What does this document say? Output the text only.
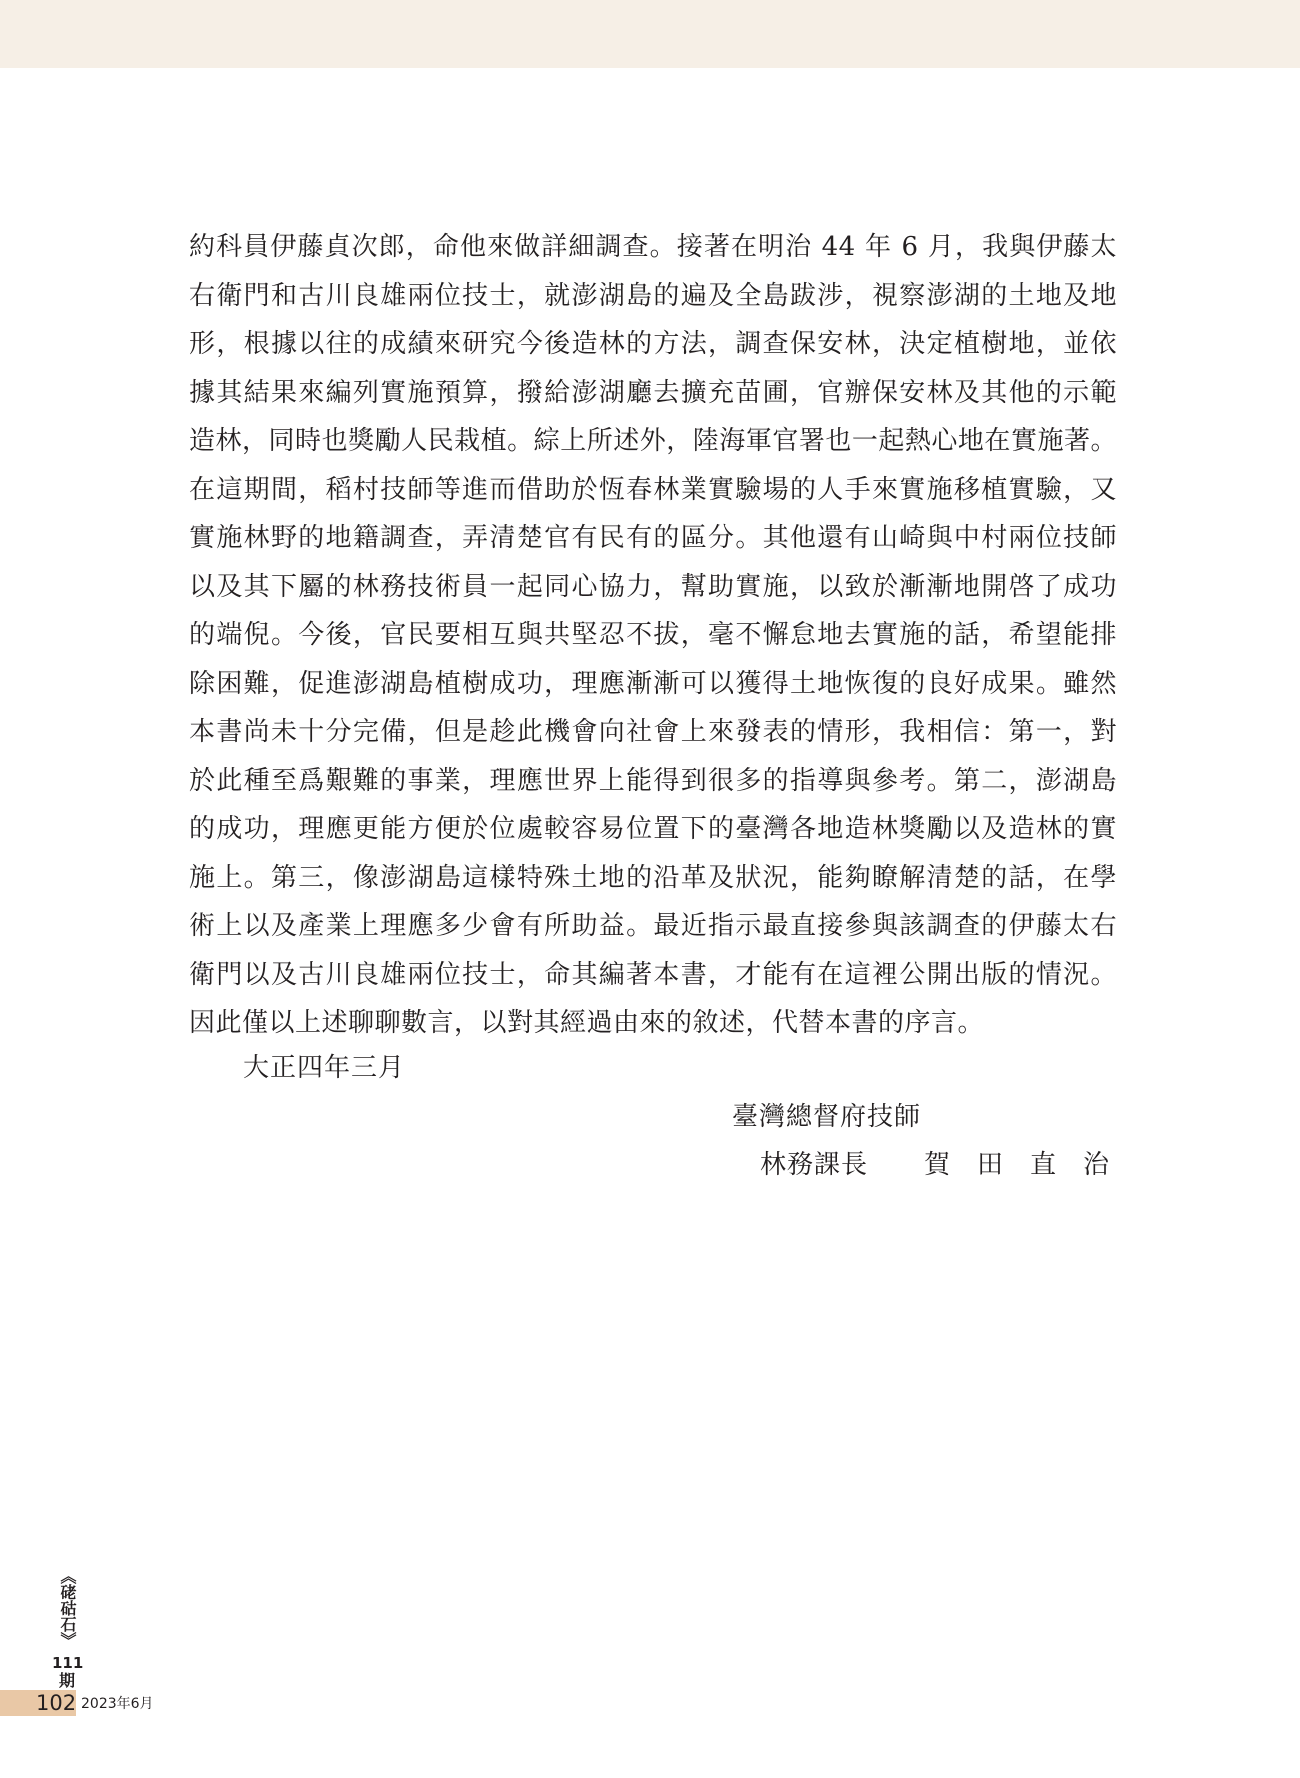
約科員伊藤貞次郎，命他來做詳細調查。接著在明治 44 年 6 月，我與伊藤太
右衛門和古川良雄兩位技士，就澎湖島的遍及全島跋涉，視察澎湖的土地及地
形，根據以往的成績來研究今後造林的方法，調查保安林，決定植樹地，並依
據其結果來編列實施預算，撥給澎湖廳去擴充苗圃，官辦保安林及其他的示範
造林，同時也獎勵人民栽植。綜上所述外，陸海軍官署也一起熱心地在實施著。
在這期間，稻村技師等進而借助於恆春林業實驗場的人手來實施移植實驗，又
實施林野的地籍調查，弄清楚官有民有的區分。其他還有山崎與中村兩位技師
以及其下屬的林務技術員一起同心協力，幫助實施，以致於漸漸地開啓了成功
的端倪。今後，官民要相互與共堅忍不拔，毫不懈怠地去實施的話，希望能排
除困難，促進澎湖島植樹成功，理應漸漸可以獲得土地恢復的良好成果。雖然
本書尚未十分完備，但是趁此機會向社會上來發表的情形，我相信：第一，對
於此種至爲艱難的事業，理應世界上能得到很多的指導與參考。第二，澎湖島
的成功，理應更能方便於位處較容易位置下的臺灣各地造林獎勵以及造林的實
施上。第三，像澎湖島這樣特殊土地的沿革及狀況，能夠瞭解清楚的話，在學
術上以及產業上理應多少會有所助益。最近指示最直接參與該調查的伊藤太右
衛門以及古川良雄兩位技士，命其編著本書，才能有在這裡公開出版的情況。
因此僅以上述聊聊數言，以對其經過由來的敘述，代替本書的序言。
大正四年三月
臺灣總督府技師
林務課長 賀田直治
《硓𥑮石》
111
期
102 2023年6月
